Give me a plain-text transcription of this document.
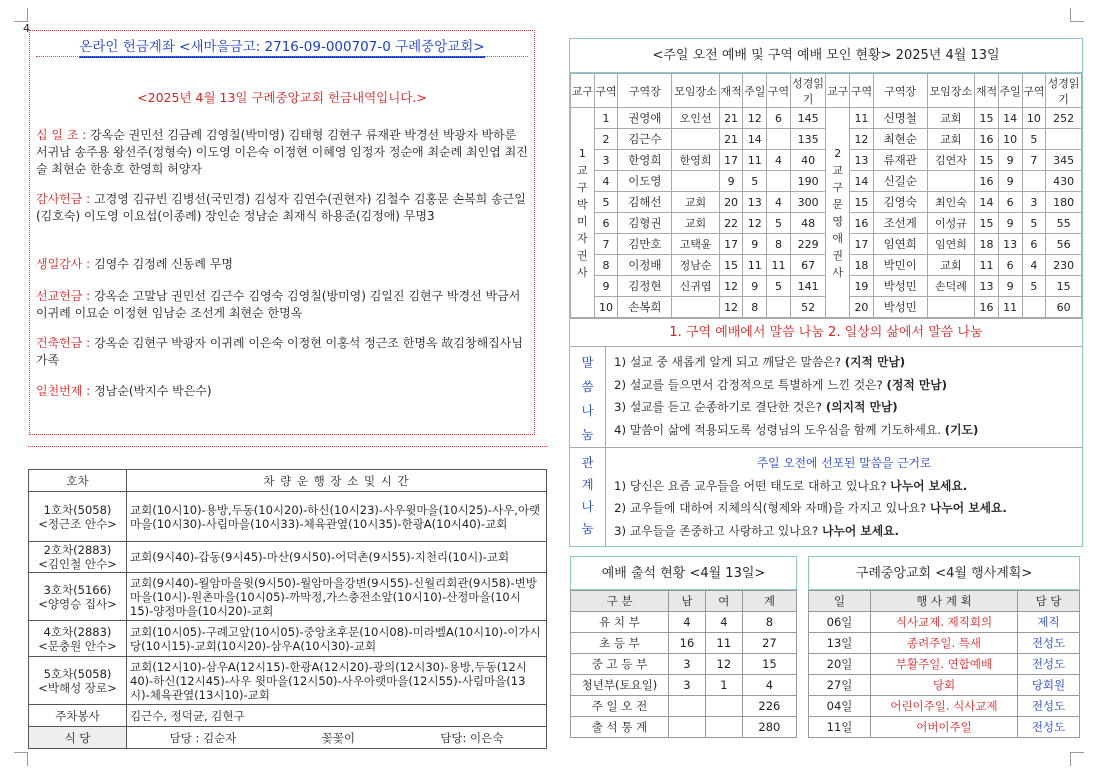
4
온라인 헌금계좌 <새마을금고: 2716-09-000707-0 구례중앙교회>
<2025년 4월 13일 구례중앙교회 헌금내역입니다.>
십 일 조 : 강옥순 권민선 김금례 김영칠(박미영) 김태형 김현구 류재관 박경선 박광자 박하룬 서귀남 송주용 왕선주(정형숙) 이도영 이은숙 이정현 이혜영 임정자 정순애 최순례 최인엽 최진술 최현순 한송호 한영희 허양자
감사헌금 : 고경영 김규빈 김병선(국민경) 김성자 김연수(권현자) 김철수 김홍문 손복희 송근일(김호숙) 이도영 이요섭(이종례) 장인순 정남순 최재식 하용준(김정애) 무명3
생일감사 : 김영수 김정례 신동례 무명
선교헌금 : 강옥순 고말남 권민선 김근수 김영숙 김영칠(방미영) 김일진 김현구 박경선 박금서 이귀례 이묘순 이정현 임남순 조선게 최현순 한명옥
건축헌금 : 강옥순 김현구 박광자 이귀례 이은숙 이정현 이홍석 정근조 한명옥 故김창해집사님가족
일천번제 : 정남순(박지수 박은수)
호차	차 량 운 행 장 소 및 시 간

1호차(5058)
<정근조 안수>	교회(10시10)-용방,두동(10시20)-하신(10시23)-사우윗마을(10시25)-사우,아랫마을(10시30)-사림마을(10시33)-체육관옆(10시35)-한광A(10시40)-교회

2호차(2883)
<김인철 안수>	교회(9시40)-갑동(9시45)-마산(9시50)-어덕촌(9시55)-지천리(10시)-교회

3호차(5166)
<양영승 집사>	교회(9시40)-월암마을윗(9시50)-월암마을강변(9시55)-신월리회관(9시58)-변방마을(10시)-원촌마을(10시05)-까막정,가스충전소앞(10시10)-산정마을(10시15)-양정마을(10시20)-교회

4호차(2883)
<문충원 안수>	교회(10시05)-구례고앞(10시05)-중앙초후문(10시08)-미라벨A(10시10)-이가시당(10시15)-교회(10시20)-삼우A(10시30)-교회

5호차(5058)
<박해성 장로>	교회(12시10)-삼우A(12시15)-한광A(12시20)-광의(12시30)-용방,두동(12시40)-하신(12시45)-사우 윗마을(12시50)-사우아랫마을(12시55)-사림마을(13시)-체육관옆(13시10)-교회
주차봉사	김근수, 정덕균, 김현구
식 당	담당 : 김순자 꽃꽃이 담당: 이은숙
<주일 오전 예배 및 구역 예배 모인 현황> 2025년 4월 13일
교구	구역	구역장	모임장소	재적	주일	구역	성경읽기	교구	구역	구역장	모임장소	재적	주일	구역	성경읽기
1교구박미자권사	1	권영애	오인선	21	12	6	145	2교구문영애권사	11	신명철	교회	15	14	10	252
	2	김근수		21	14		135		12	최현순	교회	16	10	5	
	3	한영희	한영희	17	11	4	40		13	류재관	김연자	15	9	7	345
	4	이도영		9	5		190		14	신길순		16	9		430
	5	김해선	교회	20	13	4	300		15	김영숙	최인숙	14	6	3	180
	6	김형권	교회	22	12	5	48		16	조선게	이성규	15	9	5	55
	7	김만호	고택윤	17	9	8	229		17	임연희	임연희	18	13	6	56
	8	이정배	정남순	15	11	11	67		18	박민이	교회	11	6	4	230
	9	김정현	신귀엽	12	9	5	141		19	박성민	손덕례	13	9	5	15
	10	손복희		12	8		52		20	박성민		16	11		60
1. 구역 예배에서 말씀 나눔 2. 일상의 삶에서 말씀 나눔
말
씀
나
눔
1) 설교 중 새롭게 알게 되고 깨달은 말씀은? (지적 만남)
2) 설교를 들으면서 감정적으로 특별하게 느낀 것은? (정적 만남)
3) 설교를 듣고 순종하기로 결단한 것은? (의지적 만남)
4) 말씀이 삶에 적용되도록 성령님의 도우심을 함께 기도하세요. (기도)
관
계
나
눔
주일 오전에 선포된 말씀을 근거로
1) 당신은 요즘 교우들을 어떤 태도로 대하고 있나요? 나누어 보세요.
2) 교우들에 대하여 지체의식(형제와 자매)을 가지고 있나요? 나누어 보세요.
3) 교우들을 존중하고 사랑하고 있나요? 나누어 보세요.
예배 출석 현황 <4월 13일>
구 분	남	여	계
유 치 부	4	4	8
초 등 부	16	11	27
중 고 등 부	3	12	15
청년부(토요일)	3	1	4
주 일 오 전			226
출 석 통 계			280
구례중앙교회 <4월 행사계획>
일	행 사 계 획	담 당
06일	식사교제. 제직회의	제직
13일	종려주일. 특새	전성도
20일	부활주일. 연합예배	전성도
27일	당회	당회원
04일	어린이주일. 식사교제	전성도
11일	어버이주일	전성도
